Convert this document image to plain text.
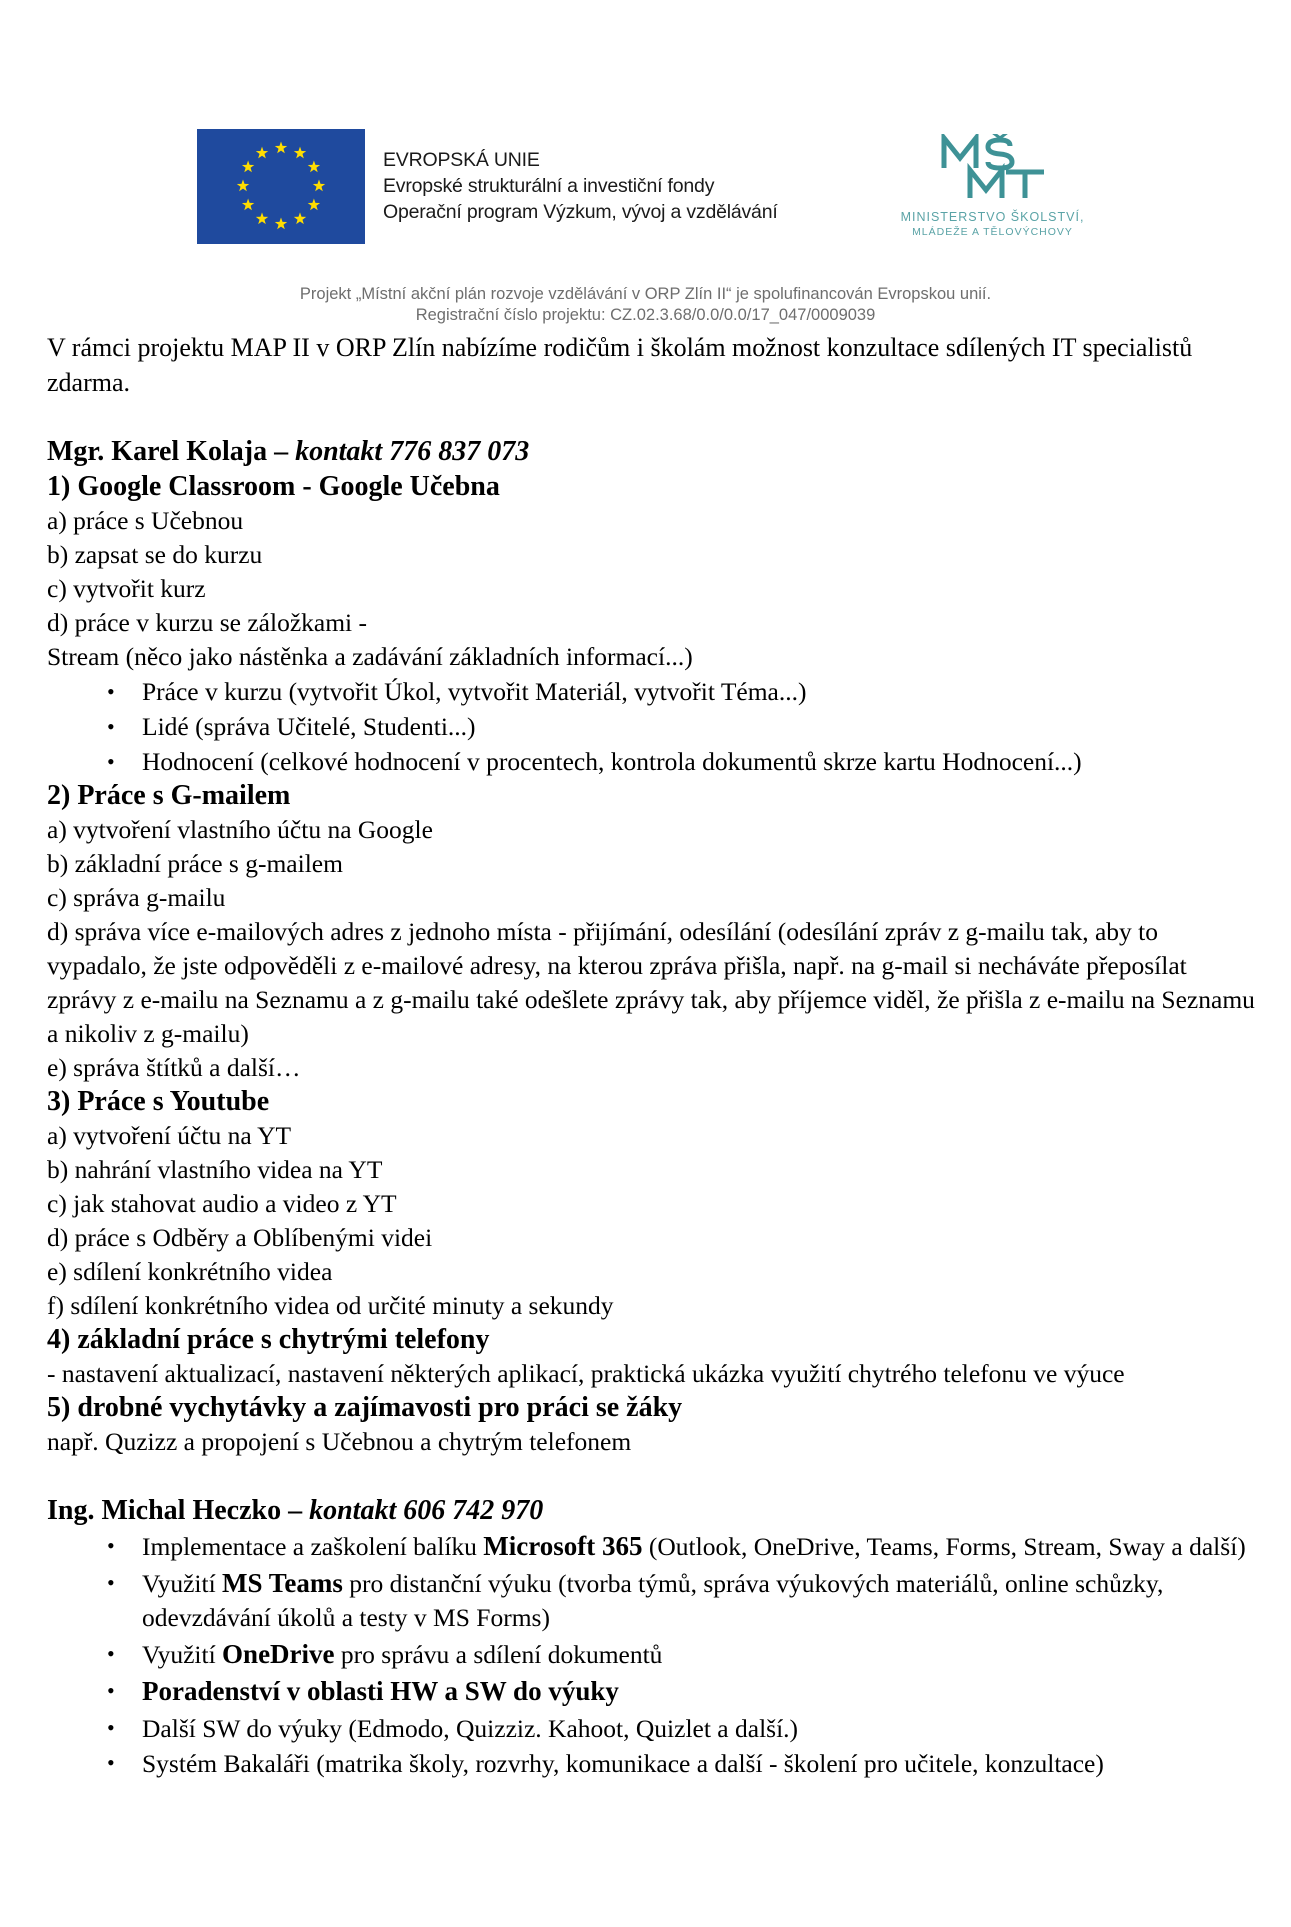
EVROPSKÁ UNIE
Evropské strukturální a investiční fondy
Operační program Výzkum, vývoj a vzdělávání	MINISTERSTVO ŠKOLSTVÍ,
MLÁDEŽE A TĚLOVÝCHOVY
Projekt „Místní akční plán rozvoje vzdělávání v ORP Zlín II“ je spolufinancován Evropskou unií.
Registrační číslo projektu: CZ.02.3.68/0.0/0.0/17_047/0009039

V rámci projektu MAP II v ORP Zlín nabízíme rodičům i školám možnost konzultace sdílených IT specialistů zdarma.

Mgr. Karel Kolaja – kontakt 776 837 073
1) Google Classroom - Google Učebna

a) práce s Učebnou

b) zapsat se do kurzu

c) vytvořit kurz

d) práce v kurzu se záložkami -

Stream (něco jako nástěnka a zadávání základních informací...)

• Práce v kurzu (vytvořit Úkol, vytvořit Materiál, vytvořit Téma...)
• Lidé (správa Učitelé, Studenti...)
• Hodnocení (celkové hodnocení v procentech, kontrola dokumentů skrze kartu Hodnocení...)
2) Práce s G-mailem

a) vytvoření vlastního účtu na Google

b) základní práce s g-mailem

c) správa g-mailu

d) správa více e-mailových adres z jednoho místa - přijímání, odesílání (odesílání zpráv z g-mailu tak, aby to vypadalo, že jste odpověděli z e-mailové adresy, na kterou zpráva přišla, např. na g-mail si necháváte přeposílat zprávy z e-mailu na Seznamu a z g-mailu také odešlete zprávy tak, aby příjemce viděl, že přišla z e-mailu na Seznamu a nikoliv z g-mailu)

e) správa štítků a další…

3) Práce s Youtube

a) vytvoření účtu na YT

b) nahrání vlastního videa na YT

c) jak stahovat audio a video z YT

d) práce s Odběry a Oblíbenými videi

e) sdílení konkrétního videa

f) sdílení konkrétního videa od určité minuty a sekundy

4) základní práce s chytrými telefony

- nastavení aktualizací, nastavení některých aplikací, praktická ukázka využití chytrého telefonu ve výuce

5) drobné vychytávky a zajímavosti pro práci se žáky

např. Quzizz a propojení s Učebnou a chytrým telefonem

Ing. Michal Heczko – kontakt 606 742 970
• Implementace a zaškolení balíku Microsoft 365 (Outlook, OneDrive, Teams, Forms, Stream, Sway a další)
• Využití MS Teams pro distanční výuku (tvorba týmů, správa výukových materiálů, online schůzky, odevzdávání úkolů a testy v MS Forms)
• Využití OneDrive pro správu a sdílení dokumentů
• Poradenství v oblasti HW a SW do výuky
• Další SW do výuky (Edmodo, Quizziz. Kahoot, Quizlet a další.)
• Systém Bakaláři (matrika školy, rozvrhy, komunikace a další - školení pro učitele, konzultace)
